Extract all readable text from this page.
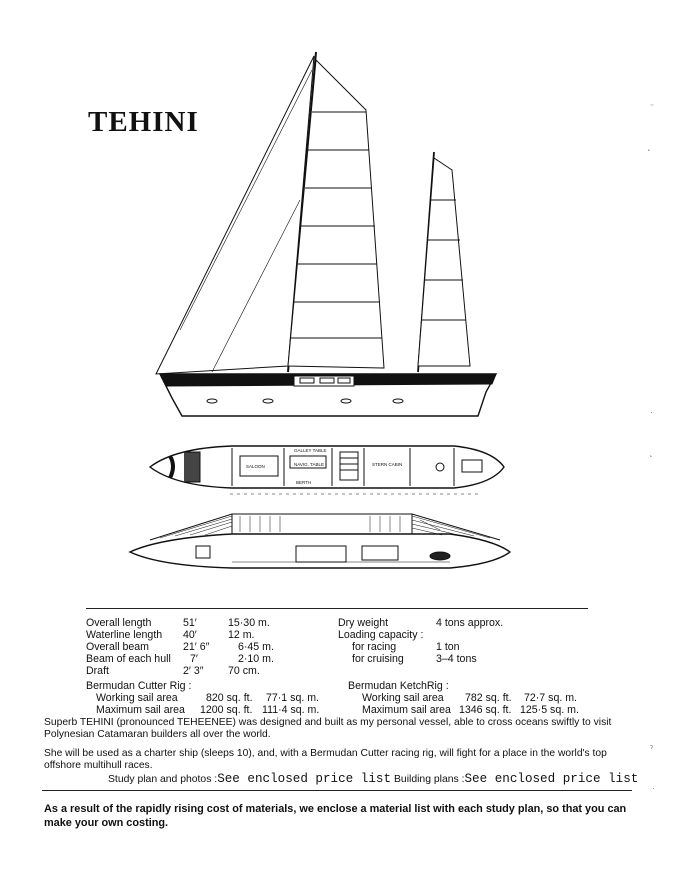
TEHINI
GALLEY TABLE
SALOON	NAVIG. TABLE	STERN CABIN
BERTH
Overall length	51′	15·30 m.
Waterline length 40′	12 m.
Overall beam	21′ 6″	6·45 m.
Beam of each hull 7′	2·10 m.
Draft	2′ 3″ 70 cm.
Dry weight	4 tons approx.
Loading capacity :
for racing	1 ton
for cruising	3–4 tons
Bermudan Cutter Rig :
Working sail area	820 sq. ft. 77·1 sq. m.
Maximum sail area 1200 sq. ft. 111·4 sq. m.
Bermudan KetchRig :
Working sail area 782 sq. ft. 72·7 sq. m.
Maximum sail area 1346 sq. ft. 125·5 sq. m.
Superb TEHINI (pronounced TEHEENEE) was designed and built as my personal vessel, able to cross oceans swiftly to visit Polynesian Catamaran builders all over the world.
She will be used as a charter ship (sleeps 10), and, with a Bermudan Cutter racing rig, will fight for a place in the world's top offshore multihull races.
Study plan and photos :See enclosed price list Building plans :See enclosed price list
As a result of the rapidly rising cost of materials, we enclose a material list with each study plan, so that you can make your own costing.
⁻
˛
·
˛
ˀ
·
